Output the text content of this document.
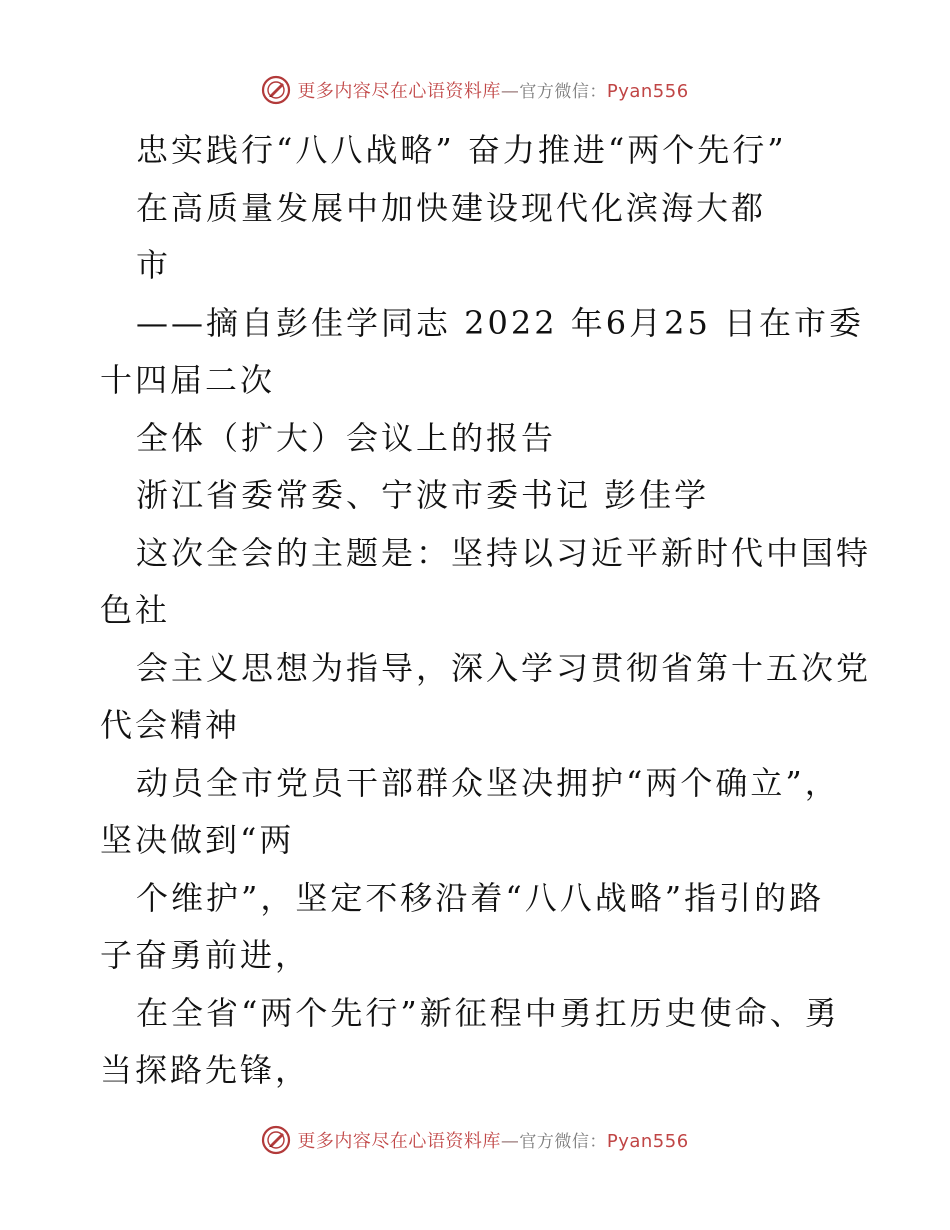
更多内容尽在心语资料库—官方微信：Pyan556
忠实践行“八八战略” 奋力推进“两个先行”
在高质量发展中加快建设现代化滨海大都
市
——摘自彭佳学同志 2022 年6月25 日在市委
十四届二次
全体（扩大）会议上的报告
浙江省委常委、宁波市委书记 彭佳学
这次全会的主题是：坚持以习近平新时代中国特
色社
会主义思想为指导，深入学习贯彻省第十五次党
代会精神
动员全市党员干部群众坚决拥护“两个确立”，
坚决做到“两
个维护”，坚定不移沿着“八八战略”指引的路
子奋勇前进，
在全省“两个先行”新征程中勇扛历史使命、勇
当探路先锋，
更多内容尽在心语资料库—官方微信：Pyan556
